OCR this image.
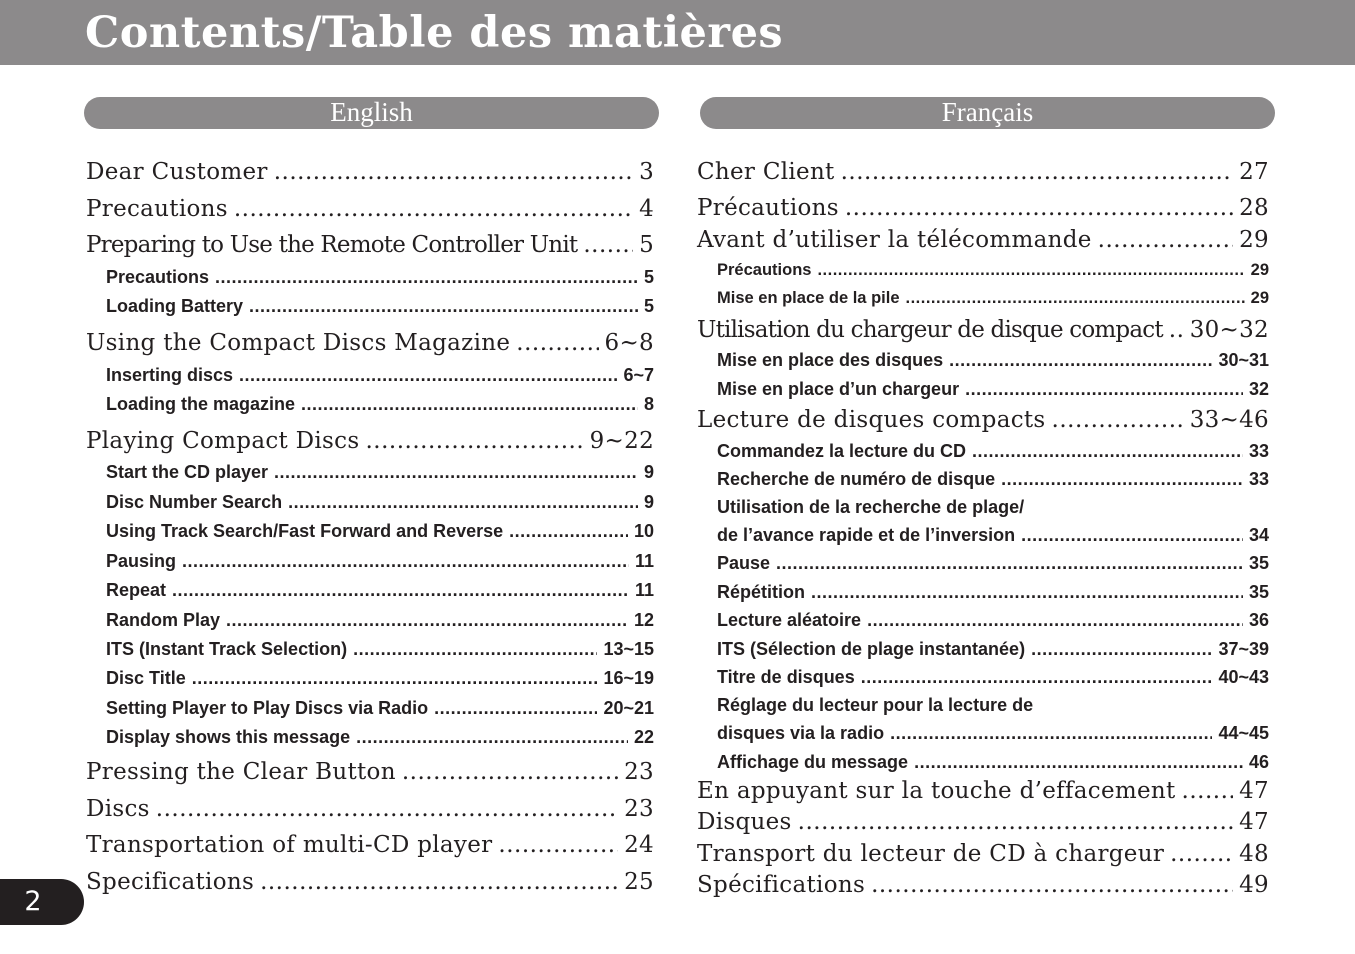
Contents/Table des matières
English	Français
Dear Customer .....	3
Precautions .....	4
Preparing to Use the Remote Controller Unit .....	5
Precautions .....	5
Loading Battery .....	5
Using the Compact Discs Magazine .....	6~8
Inserting discs .....	6~7
Loading the magazine .....	8
Playing Compact Discs .....	9~22
Start the CD player .....	9
Disc Number Search .....	9
Using Track Search/Fast Forward and Reverse .....	10
Pausing .....	11
Repeat .....	11
Random Play .....	12
ITS (Instant Track Selection) .....	13~15
Disc Title .....	16~19
Setting Player to Play Discs via Radio .....	20~21
Display shows this message .....	22
Pressing the Clear Button .....	23
Discs .....	23
Transportation of multi-CD player .....	24
Specifications .....	25
Cher Client .....	27
Précautions .....	28
Avant d’utiliser la télécommande .....	29
Précautions .....	29
Mise en place de la pile .....	29
Utilisation du chargeur de disque compact ..... 30~32
Mise en place des disques .....	30~31
Mise en place d’un chargeur .....	32
Lecture de disques compacts .....	33~46
Commandez la lecture du CD .....	33
Recherche de numéro de disque .....	33
Utilisation de la recherche de plage/
de l’avance rapide et de l’inversion .....	34
Pause .....	35
Répétition .....	35
Lecture aléatoire .....	36
ITS (Sélection de plage instantanée) .....	37~39
Titre de disques .....	40~43
Réglage du lecteur pour la lecture de
disques via la radio .....	44~45
Affichage du message .....	46
En appuyant sur la touche d’effacement .....	47
Disques .....	47
Transport du lecteur de CD à chargeur .....	48
Spécifications .....	49
2
